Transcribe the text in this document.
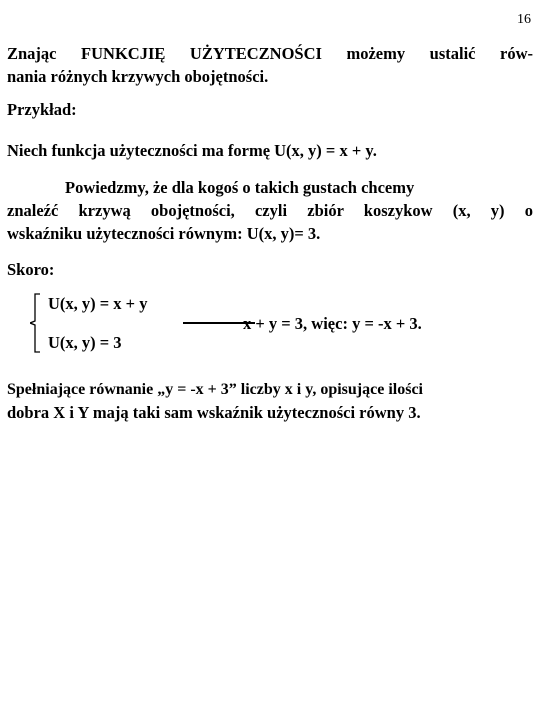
16

Znając FUNKCJIĘ UŻYTECZNOŚCI możemy ustalić rów-
nania różnych krzywych obojętności.

Przykład:

Niech funkcja użyteczności ma formę U(x, y) = x + y.

Powiedzmy, że dla kogoś o takich gustach chcemy
znaleźć krzywą obojętności, czyli zbiór koszykow (x, y) o
wskaźniku użyteczności równym: U(x, y)= 3.

Skoro:

U(x, y) = x + y
U(x, y) = 3
x + y = 3, więc: y = -x + 3.

Spełniające równanie „y = -x + 3” liczby x i y, opisujące ilości
dobra X i Y mają taki sam wskaźnik użyteczności równy 3.
